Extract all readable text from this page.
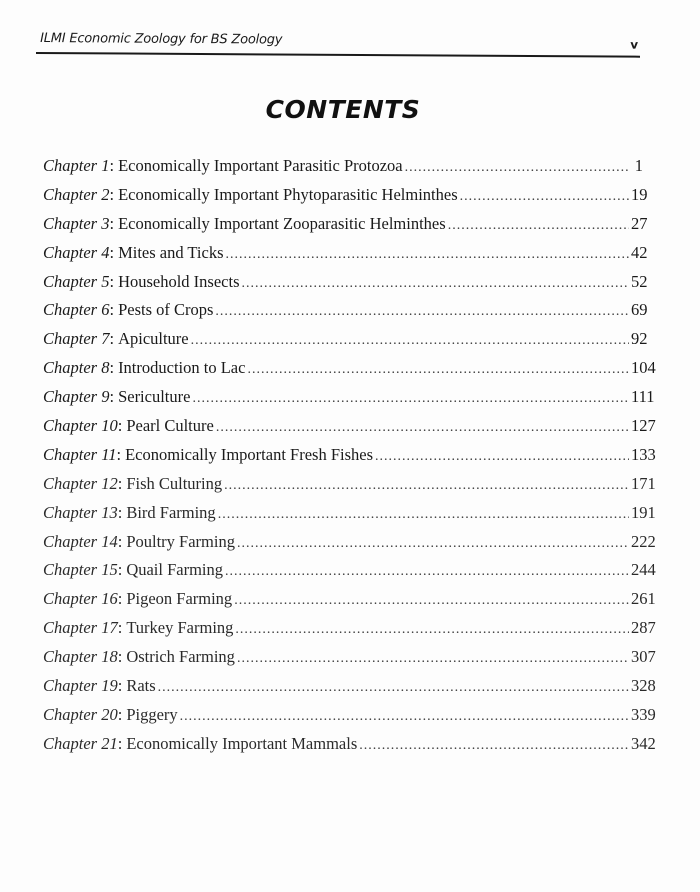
ILMI Economic Zoology for BS Zoology	v
CONTENTS
Chapter 1 : Economically Important Parasitic Protozoa .....	1
Chapter 2 : Economically Important Phytoparasitic Helminthes .....	19
Chapter 3 : Economically Important Zooparasitic Helminthes .....	27
Chapter 4 : Mites and Ticks .....	42
Chapter 5 : Household Insects .....	52
Chapter 6 : Pests of Crops .....	69
Chapter 7 : Apiculture .....	92
Chapter 8 : Introduction to Lac .....	104
Chapter 9 : Sericulture .....	111
Chapter 10 : Pearl Culture .....	127
Chapter 11 : Economically Important Fresh Fishes .....	133
Chapter 12 : Fish Culturing .....	171
Chapter 13 : Bird Farming .....	191
Chapter 14 : Poultry Farming .....	222
Chapter 15 : Quail Farming .....	244
Chapter 16 : Pigeon Farming .....	261
Chapter 17 : Turkey Farming .....	287
Chapter 18 : Ostrich Farming .....	307
Chapter 19 : Rats .....	328
Chapter 20 : Piggery .....	339
Chapter 21 : Economically Important Mammals .....	342
